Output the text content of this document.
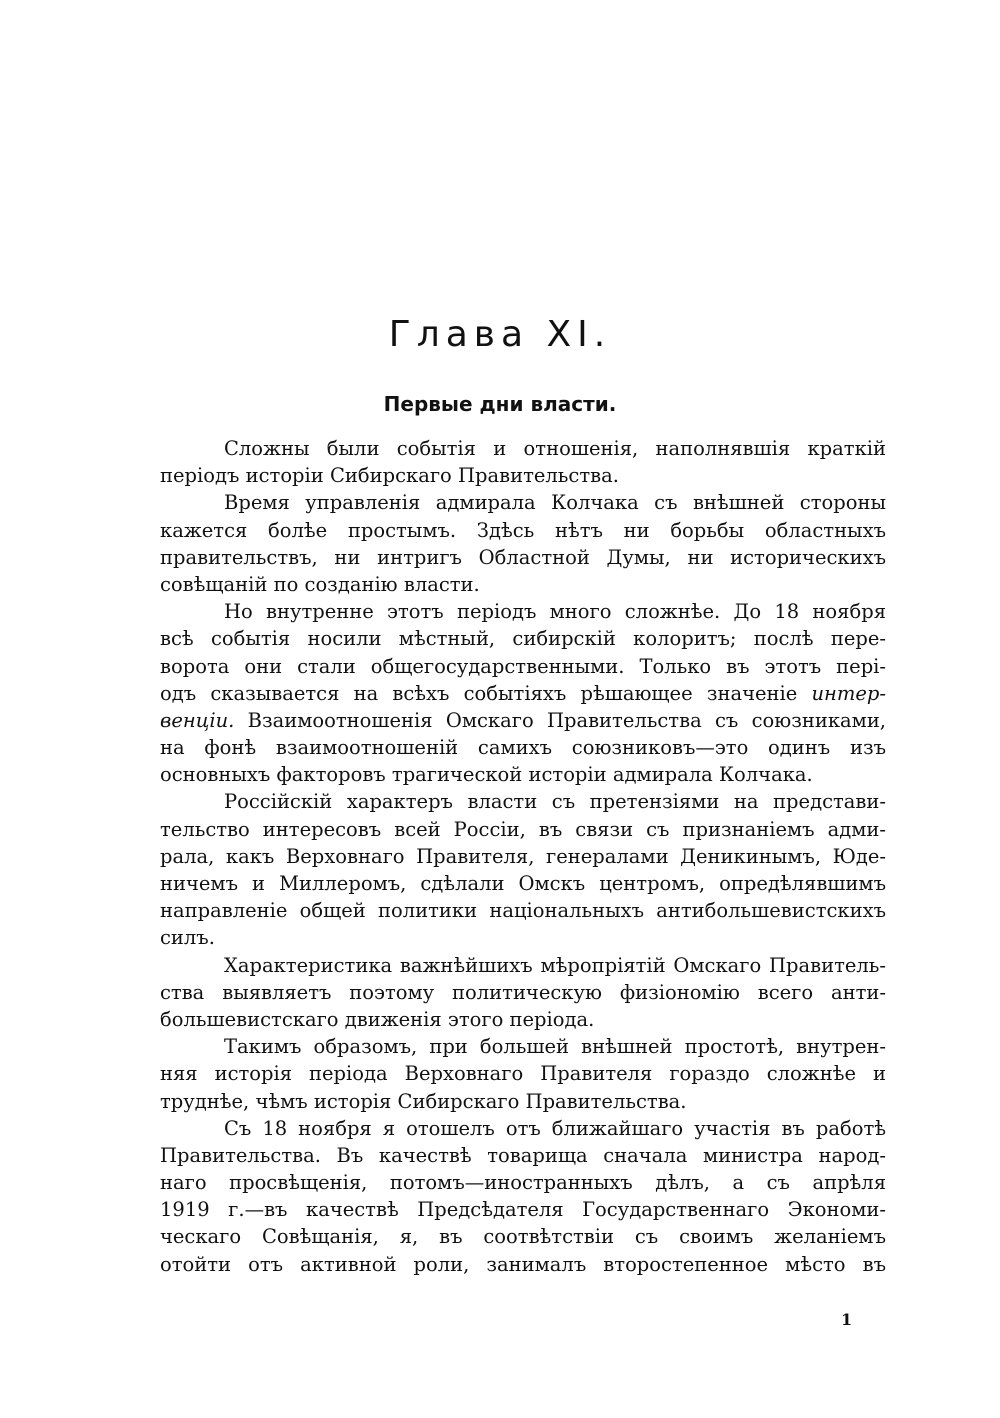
Глава XI.
Первые дни власти.
Сложны были событія и отношенія, наполнявшія краткій
періодъ исторіи Сибирскаго Правительства.
Время управленія адмирала Колчака съ внѣшней стороны
кажется болѣе простымъ. Здѣсь нѣтъ ни борьбы областныхъ
правительствъ, ни интригъ Областной Думы, ни историческихъ
совѣщаній по созданію власти.
Но внутренне этотъ періодъ много сложнѣе. До 18 ноября
всѣ событія носили мѣстный, сибирскій колоритъ; послѣ пере-
ворота они стали общегосударственными. Только въ этотъ пері-
одъ сказывается на всѣхъ событіяхъ рѣшающее значеніе интер-
венціи. Взаимоотношенія Омскаго Правительства съ союзниками,
на фонѣ взаимоотношеній самихъ союзниковъ—это одинъ изъ
основныхъ факторовъ трагической исторіи адмирала Колчака.
Россійскій характеръ власти съ претензіями на представи-
тельство интересовъ всей Россіи, въ связи съ признаніемъ адми-
рала, какъ Верховнаго Правителя, генералами Деникинымъ, Юде-
ничемъ и Миллеромъ, сдѣлали Омскъ центромъ, опредѣлявшимъ
направленіе общей политики національныхъ антибольшевистскихъ
силъ.
Характеристика важнѣйшихъ мѣропріятій Омскаго Правитель-
ства выявляетъ поэтому политическую физіономію всего анти-
большевистскаго движенія этого періода.
Такимъ образомъ, при большей внѣшней простотѣ, внутрен-
няя исторія періода Верховнаго Правителя гораздо сложнѣе и
труднѣе, чѣмъ исторія Сибирскаго Правительства.
Съ 18 ноября я отошелъ отъ ближайшаго участія въ работѣ
Правительства. Въ качествѣ товарища сначала министра народ-
наго просвѣщенія, потомъ—иностранныхъ дѣлъ, а съ апрѣля
1919 г.—въ качествѣ Предсѣдателя Государственнаго Экономи-
ческаго Совѣщанія, я, въ соотвѣтствіи съ своимъ желаніемъ
отойти отъ активной роли, занималъ второстепенное мѣсто въ
1
